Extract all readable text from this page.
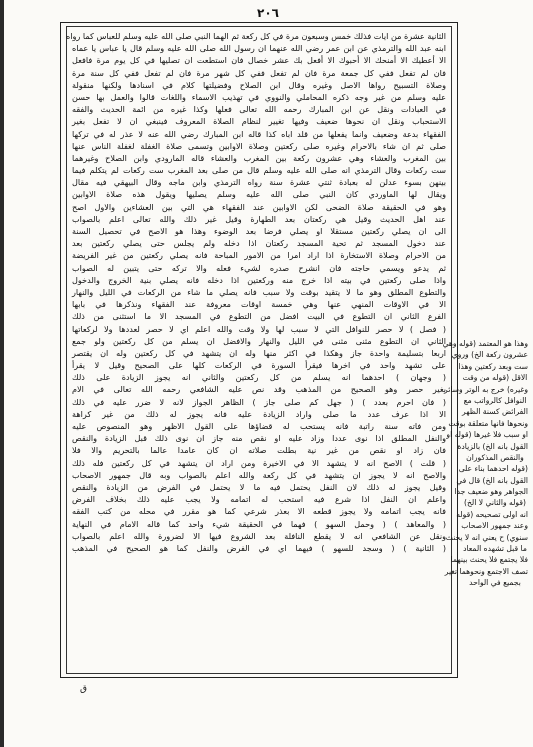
٢٠٦
الثانية عشرة من ايات فذلك خمس وسبعون مرة في كل ركعة ثم الهما النبي صلى الله عليه وسلم للعباس كما رواه
ابنه عبد الله والترمذي عن ابن عمر رضي الله عنهما ان رسول الله صلى الله عليه وسلم قال يا عباس يا عماه
الا أعطيك الا أمنحك الا أحبوك الا أفعل بك عشر خصال فان استطعت ان تصليها في كل يوم مرة فافعل
فان لم تفعل ففي كل جمعة مرة فان لم تفعل ففي كل شهر مرة فان لم تفعل ففي كل سنة مرة
وصلاة التسبيح رواها الاصل وغيره وقال ابن الصلاح وفضيلتها كلام في اسنادها ولكنها منقولة
عليه وسلم من غير وجه ذكره المحاملي والنووي في تهذيب الاسماء واللغات قالوا والعمل بها حسن
في العبادات ونقل عن ابن المبارك رحمه الله تعالى فعلها وكذا غيره من ائمة الحديث والفقه
الاستحباب ونقل ان نحوها ضعيف وفيها تغيير لنظام الصلاة المعروف فينبغي ان لا تفعل بغير
الفقهاء بدعة وضعيف وانما يفعلها من قلد اباه كذا قاله ابن المبارك رضي الله عنه لا عذر له في تركها
صلى ثم ان شاء بالاحرام وغيره صلى ركعتين وصلاة الاوابين وتسمى صلاة الغفلة لغفلة الناس عنها
بين المغرب والعشاء وهي عشرون ركعة بين المغرب والعشاء قاله المارودي وابن الصلاح وغيرهما
ست ركعات وقال الترمذي انه صلى الله عليه وسلم قال من صلى بعد المغرب ست ركعات لم يتكلم فيما
بينهن بسوء عدلن له بعبادة ثنتي عشرة سنة رواه الترمذي وابن ماجه وقال البيهقي فيه مقال
ويقال لها الماوردي كان النبي صلى الله عليه وسلم يصليها ويقول هذه صلاة الاوابين
وهو في الحقيقة صلاة الضحى لكن الاوابين عند الفقهاء هي التي بين العشاءين والاول اصح
عند اهل الحديث وقيل هي ركعتان بعد الطهارة وقيل غير ذلك والله تعالى اعلم بالصواب
الى ان يصلي ركعتين مستقلا او يصلي فرضا بعد الوضوء وهذا هو الاصح في تحصيل السنة
عند دخول المسجد ثم تحية المسجد ركعتان اذا دخله ولم يجلس حتى يصلي ركعتين بعد
من الاحرام وصلاة الاستخارة اذا اراد امرا من الامور المباحة فانه يصلي ركعتين من غير الفريضة
ثم يدعو ويسمي حاجته فان انشرح صدره لشيء فعله والا تركه حتى يتبين له الصواب
واذا صلى ركعتين في بيته اذا خرج منه وركعتين اذا دخله فانه يصلي بنية الخروج والدخول
والتطوع المطلق وهو ما لا يتقيد بوقت ولا سبب فانه يصلي ما شاء من الركعات في الليل والنهار
الا في الاوقات المنهي عنها وهي خمسة اوقات معروفة عند الفقهاء ونذكرها في بابها
الفرع الثاني ان التطوع في البيت افضل من التطوع في المسجد الا ما استثنى من ذلك
( فصل ) لا حصر للنوافل التي لا سبب لها ولا وقت والله اعلم اي لا حصر لعددها ولا لركعاتها
الثاني ان التطوع مثنى مثنى في الليل والنهار والافضل ان يسلم من كل ركعتين ولو جمع
اربعا بتسليمة واحدة جاز وهكذا في اكثر منها وله ان يتشهد في كل ركعتين وله ان يقتصر
على تشهد واحد في اخرها فيقرأ السورة في الركعات كلها على الصحيح وقيل لا يقرأ
( وجهان ) احدهما انه يسلم من كل ركعتين والثاني انه يجوز الزيادة على ذلك
بغير حصر وهو الصحيح من المذهب وقد نص عليه الشافعي رحمه الله تعالى في الام
( فان احرم بعدد ) ( جهل كم صلى جاز ) الظاهر الجواز لانه لا ضرر عليه في ذلك
الا اذا عرف عدد ما صلى واراد الزيادة عليه فانه يجوز له ذلك من غير كراهة
ومن فاته سنة راتبة فانه يستحب له قضاؤها على القول الاظهر وهو المنصوص عليه
والنفل المطلق اذا نوى عددا وزاد عليه او نقص منه جاز ان نوى ذلك قبل الزيادة والنقص
فان زاد او نقص من غير نية بطلت صلاته ان كان عامدا عالما بالتحريم والا فلا
( قلت ) الاصح انه لا يتشهد الا في الاخيرة ومن اراد ان يتشهد في كل ركعتين فله ذلك
والاصح انه لا يجوز ان يتشهد في كل ركعة والله اعلم بالصواب وبه قال جمهور الاصحاب
وقيل يجوز له ذلك لان النفل يحتمل فيه ما لا يحتمل في الفرض من الزيادة والنقص
واعلم ان النفل اذا شرع فيه استحب له اتمامه ولا يجب عليه ذلك بخلاف الفرض
فانه يجب اتمامه ولا يجوز قطعه الا بعذر شرعي كما هو مقرر في محله من كتب الفقه
( والمعاهد ) ( وحمل السهو ) فهما في الحقيقة شيء واحد كما قاله الامام في النهاية
ونقل عن الشافعي انه لا يقطع النافلة بعد الشروع فيها الا لضرورة والله اعلم بالصواب
( الثانية ) ( وسجد للسهو ) فيهما اي في الفرض والنفل كما هو الصحيح في المذهب
وهذا هو المعتمد (قوله وهي
عشرون ركعة الخ) وروي
ست وبعد ركعتين وهذا
الاقل (قوله من وقت
وغيره) خرج به الوتر وسائر
النوافل كالرواتب مع
الفرائض كسنة الظهر
ونحوها فانها متعلقة بوقت
او سبب فلا غيرها (قوله او
القول بانه الخ) بالزيادة
والنقص المذكوران
(قوله احدهما بناء على
القول بانه الخ) قال في
الجواهر وهو ضعيف جدا
(قوله والثاني لا الخ)
انه اولى تصحيحه (قوله
وعند جمهور الاصحاب
سنوي) ح يعني انه لا يحنث
ما قبل تشهده المعاد
فلا يجتمع فلا يحنث بينهما
تصف الاجتمع ونحوهما تغير
بجميع في الواحد
ق
